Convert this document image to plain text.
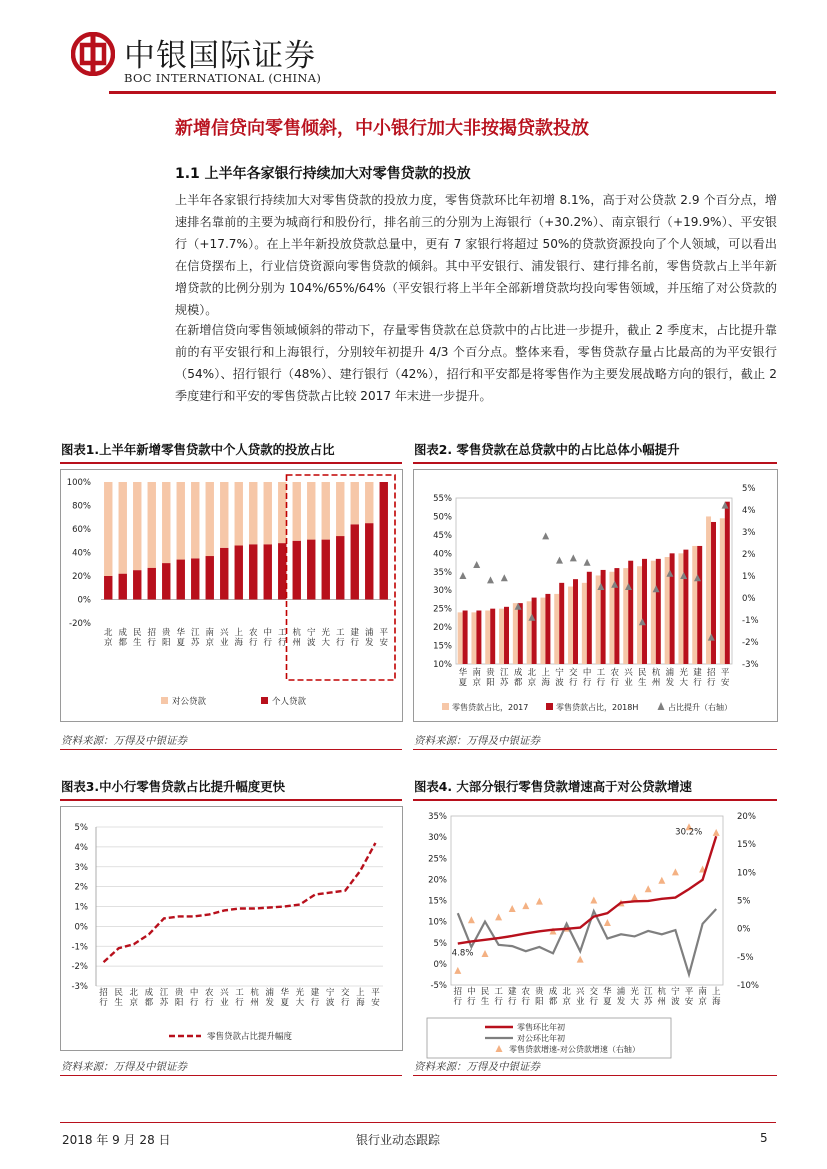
中银国际证券
BOC INTERNATIONAL (CHINA)
新增信贷向零售倾斜，中小银行加大非按揭贷款投放
1.1 上半年各家银行持续加大对零售贷款的投放
上半年各家银行持续加大对零售贷款的投放力度，零售贷款环比年初增 8.1%，高于对公贷款 2.9 个百分点，增速排名靠前的主要为城商行和股份行，排名前三的分别为上海银行（+30.2%）、南京银行（+19.9%）、平安银行（+17.7%）。在上半年新投放贷款总量中，更有 7 家银行将超过 50%的贷款资源投向了个人领域，可以看出在信贷摆布上，行业信贷资源向零售贷款的倾斜。其中平安银行、浦发银行、建行排名前，零售贷款占上半年新增贷款的比例分别为 104%/65%/64%（平安银行将上半年全部新增贷款均投向零售领域，并压缩了对公贷款的规模）。
在新增信贷向零售领域倾斜的带动下，存量零售贷款在总贷款中的占比进一步提升，截止 2 季度末，占比提升靠前的有平安银行和上海银行，分别较年初提升 4/3 个百分点。整体来看，零售贷款存量占比最高的为平安银行（54%）、招行银行（48%）、建行银行（42%），招行和平安都是将零售作为主要发展战略方向的银行，截止 2 季度建行和平安的零售贷款占比较 2017 年末进一步提升。
图表1.上半年新增零售贷款中个人贷款的投放占比
-20%
0%
20%
40%
60%
80%
100%
北
京
成
都
民
生
招
行
贵
阳
华
夏
江
苏
南
京
兴
业
上
海
农
行
中
行
工
行
杭
州
宁
波
光
大
工
行
建
行
浦
发
平
安
对公贷款	个人贷款
资料来源：万得及中银证券
图表2. 零售贷款在总贷款中的占比总体小幅提升
10%
15%
20%
25%
30%
35%
40%
45%
50%
55%
-3%
-2%
-1%
0%
1%
2%
3%
4%
5%
华
夏
南
京
贵
阳
江
苏
成
都
北
京
上
海
宁
波
交
行
中
行
工
行
农
行
兴
业
民
生
杭
州
浦
发
光
大
建
行
招
行
平
安
零售贷款占比，2017	零售贷款占比，2018H	占比提升（右轴）
资料来源：万得及中银证券
图表3.中小行零售贷款占比提升幅度更快
-3%
-2%
-1%
0%
1%
2%
3%
4%
5%
招
行
民
生
北
京
成
都
江
苏
贵
阳
中
行
农
行
兴
业
工
行
杭
州
浦
发
华
夏
光
大
建
行
宁
波
交
行
上
海
平
安
零售贷款占比提升幅度
资料来源：万得及中银证券
图表4. 大部分银行零售贷款增速高于对公贷款增速
-5%
0%
5%
10%
15%
20%
25%
30%
35%
-10%
-5%
0%
5%
10%
15%
20%
4.8%
30.2%
招
行
中
行
民
生
工
行
建
行
农
行
贵
阳
成
都
北
京
兴
业
交
行
华
夏
浦
发
光
大
江
苏
杭
州
宁
波
平
安
南
京
上
海
零售环比年初
对公环比年初
零售贷款增速-对公贷款增速（右轴）
资料来源：万得及中银证券
2018 年 9 月 28 日	银行业动态跟踪	5
